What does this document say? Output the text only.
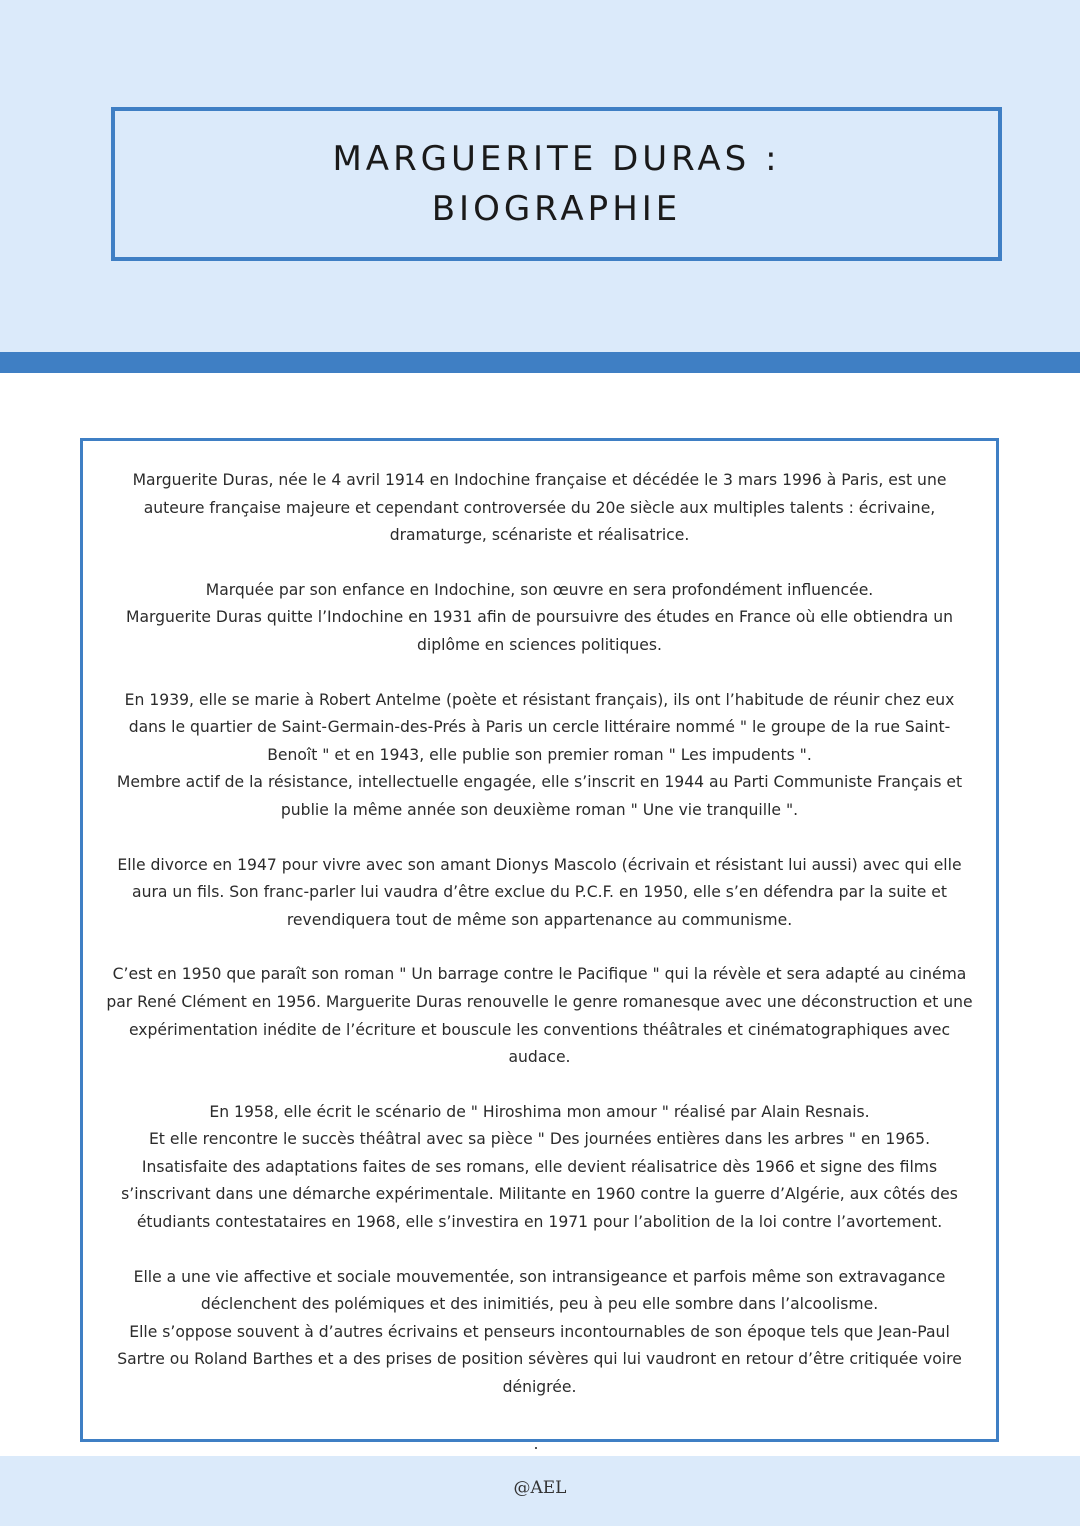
MARGUERITE DURAS :
BIOGRAPHIE

Marguerite Duras, née le 4 avril 1914 en Indochine française et décédée le 3 mars 1996 à Paris, est une
auteure française majeure et cependant controversée du 20e siècle aux multiples talents : écrivaine,
dramaturge, scénariste et réalisatrice.

Marquée par son enfance en Indochine, son œuvre en sera profondément influencée.
Marguerite Duras quitte l’Indochine en 1931 afin de poursuivre des études en France où elle obtiendra un
diplôme en sciences politiques.

En 1939, elle se marie à Robert Antelme (poète et résistant français), ils ont l’habitude de réunir chez eux
dans le quartier de Saint-Germain-des-Prés à Paris un cercle littéraire nommé " le groupe de la rue Saint-
Benoît " et en 1943, elle publie son premier roman " Les impudents ".
Membre actif de la résistance, intellectuelle engagée, elle s’inscrit en 1944 au Parti Communiste Français et
publie la même année son deuxième roman " Une vie tranquille ".

Elle divorce en 1947 pour vivre avec son amant Dionys Mascolo (écrivain et résistant lui aussi) avec qui elle
aura un fils. Son franc-parler lui vaudra d’être exclue du P.C.F. en 1950, elle s’en défendra par la suite et
revendiquera tout de même son appartenance au communisme.

C’est en 1950 que paraît son roman " Un barrage contre le Pacifique " qui la révèle et sera adapté au cinéma
par René Clément en 1956. Marguerite Duras renouvelle le genre romanesque avec une déconstruction et une
expérimentation inédite de l’écriture et bouscule les conventions théâtrales et cinématographiques avec
audace.

En 1958, elle écrit le scénario de " Hiroshima mon amour " réalisé par Alain Resnais.
Et elle rencontre le succès théâtral avec sa pièce " Des journées entières dans les arbres " en 1965.
Insatisfaite des adaptations faites de ses romans, elle devient réalisatrice dès 1966 et signe des films
s’inscrivant dans une démarche expérimentale. Militante en 1960 contre la guerre d’Algérie, aux côtés des
étudiants contestataires en 1968, elle s’investira en 1971 pour l’abolition de la loi contre l’avortement.

Elle a une vie affective et sociale mouvementée, son intransigeance et parfois même son extravagance
déclenchent des polémiques et des inimitiés, peu à peu elle sombre dans l’alcoolisme.
Elle s’oppose souvent à d’autres écrivains et penseurs incontournables de son époque tels que Jean-Paul
Sartre ou Roland Barthes et a des prises de position sévères qui lui vaudront en retour d’être critiquée voire
dénigrée.

@AEL
